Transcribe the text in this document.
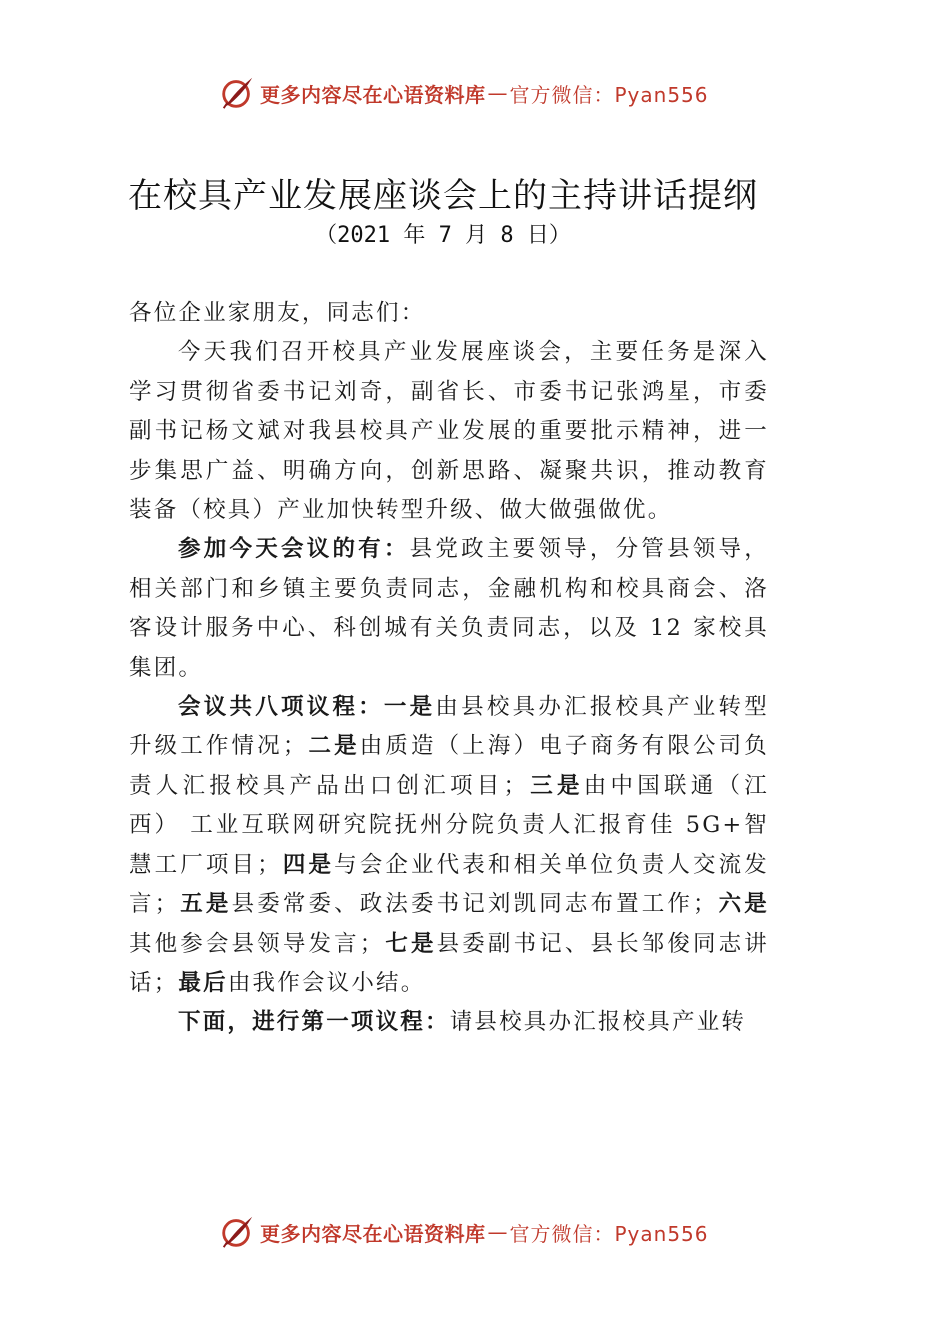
更多内容尽在心语资料库 — 官方微信：Pyan556
在校具产业发展座谈会上的主持讲话提纲
（2021 年 7 月 8 日）

各位企业家朋友，同志们：

今天我们召开校具产业发展座谈会，主要任务是深入学习贯彻省委书记刘奇，副省长、市委书记张鸿星，市委副书记杨文斌对我县校具产业发展的重要批示精神，进一步集思广益、明确方向，创新思路、凝聚共识，推动教育装备（校具）产业加快转型升级、做大做强做优。

参加今天会议的有：县党政主要领导，分管县领导，相关部门和乡镇主要负责同志，金融机构和校具商会、洛客设计服务中心、科创城有关负责同志，以及 12 家校具集团。

会议共八项议程：一是由县校具办汇报校具产业转型升级工作情况；二是由质造（上海）电子商务有限公司负责人汇报校具产品出口创汇项目；三是由中国联通（江西） 工业互联网研究院抚州分院负责人汇报育佳 5G+智慧工厂项目；四是与会企业代表和相关单位负责人交流发言；五是县委常委、政法委书记刘凯同志布置工作；六是其他参会县领导发言；七是县委副书记、县长邹俊同志讲话；最后由我作会议小结。

下面，进行第一项议程：请县校具办汇报校具产业转

更多内容尽在心语资料库 — 官方微信：Pyan556
